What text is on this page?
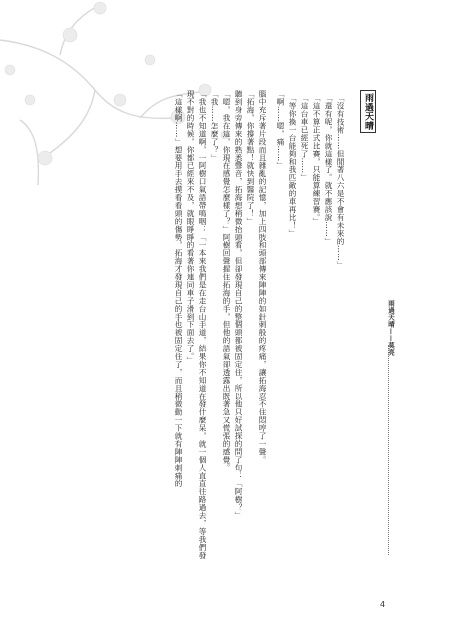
雨過天晴

「沒有技術……但閒著八六是不會有未來的……」

「還有呢，你就這樣了。就不應該說……」

「這不算正式比賽，只能算練習賽。」

「這台車已經死了……」

「等你換一台能夠和我匹敵的車再比！」

「啊……嗯，痛……」

腦中充斥著片段而且雜亂的記憶，加上四肢和頭部傳來陣陣的如針刺般的疼痛，讓拓海忍不住悶哼了一聲。

「拓海，你撐著點！就快到醫院了！」

聽到身旁傳來的熟悉聲音，拓海想稍微抬頭看，但卻發現自己的整個頭都被固定住，所以他只好試探的問了句：「阿樹？」

「嗯，我在這，你現在感覺怎麼樣了？」阿樹回聲握住拓海的手，但他的語氣卻透露出既著急又慌張的感覺。

「我……怎麼了？」

「我也不知道啊，一阿樹口氣語帶鳴咽：「一本來我們是在走台山手道，結果你不知道在發什麼呆，就一個人直直往路過去，等我們發現不對的時候，你都已經來不及，就眼睜睜的看著你連同車子滑到下面去了。」

「這樣啊……」想要用手去摸看看頭的傷勢，拓海才發現自己的手也被固定住了，而且稍微動一下就有陣陣刺痛的	雨過天晴——莫亮
4
